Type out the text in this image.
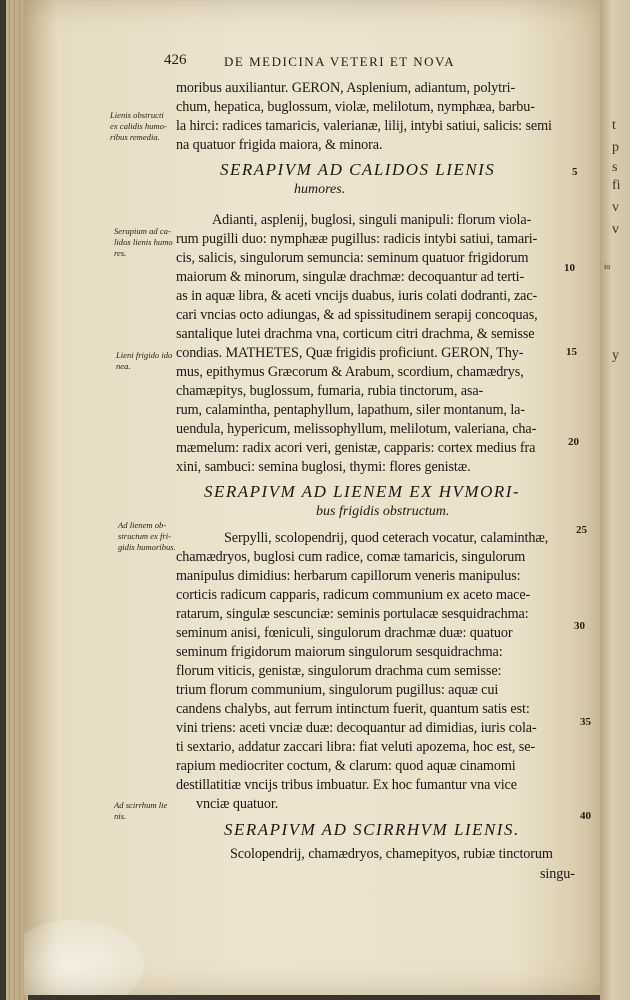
426	DE MEDICINA VETERI ET NOVA
Lienis obstructi
ex calidis humo-
ribus remedia.
Serapium ad ca-
lidos lienis humo
res.
Lieni frigido ido
nea.
Ad lienem ob-
structum ex fri-
gidis humoribus.
Ad scirrhum lie
nis.
moribus auxiliantur. GERON, Asplenium, adiantum, polytri-
chum, hepatica, buglossum, violæ, melilotum, nymphæa, barbu-
la hirci: radices tamaricis, valerianæ, lilij, intybi satiui, salicis: semi
na quatuor frigida maiora, & minora.
SERAPIVM AD CALIDOS LIENIS
humores.
Adianti, asplenij, buglosi, singuli manipuli: florum viola-
rum pugilli duo: nymphææ pugillus: radicis intybi satiui, tamari-
cis, salicis, singulorum semuncia: seminum quatuor frigidorum
maiorum & minorum, singulæ drachmæ: decoquantur ad terti-
as in aquæ libra, & aceti vncijs duabus, iuris colati dodranti, zac-
cari vncias octo adiungas, & ad spissitudinem serapij concoquas,
santalique lutei drachma vna, corticum citri drachma, & semisse
condias. MATHETES, Quæ frigidis proficiunt. GERON, Thy-
mus, epithymus Græcorum & Arabum, scordium, chamædrys,
chamæpitys, buglossum, fumaria, rubia tinctorum, asa-
rum, calamintha, pentaphyllum, lapathum, siler montanum, la-
uendula, hypericum, melissophyllum, melilotum, valeriana, cha-
mæmelum: radix acori veri, genistæ, capparis: cortex medius fra
xini, sambuci: semina buglosi, thymi: flores genistæ.
SERAPIVM AD LIENEM EX HVMORI-
bus frigidis obstructum.
Serpylli, scolopendrij, quod ceterach vocatur, calaminthæ,
chamædryos, buglosi cum radice, comæ tamaricis, singulorum
manipulus dimidius: herbarum capillorum veneris manipulus:
corticis radicum capparis, radicum communium ex aceto mace-
ratarum, singulæ sescunciæ: seminis portulacæ sesquidrachma:
seminum anisi, fœniculi, singulorum drachmæ duæ: quatuor
seminum frigidorum maiorum singulorum sesquidrachma:
florum viticis, genistæ, singulorum drachma cum semisse:
trium florum communium, singulorum pugillus: aquæ cui
candens chalybs, aut ferrum intinctum fuerit, quantum satis est:
vini triens: aceti vnciæ duæ: decoquantur ad dimidias, iuris cola-
ti sextario, addatur zaccari libra: fiat veluti apozema, hoc est, se-
rapium mediocriter coctum, & clarum: quod aquæ cinamomi
destillatitiæ vncijs tribus imbuatur. Ex hoc fumantur vna vice
vnciæ quatuor.
SERAPIVM AD SCIRRHVM LIENIS.
Scolopendrij, chamædryos, chamepityos, rubiæ tinctorum
singu-
5
10
15
20
25
30
35
40
t
p
s
fi
v
v
io
y
